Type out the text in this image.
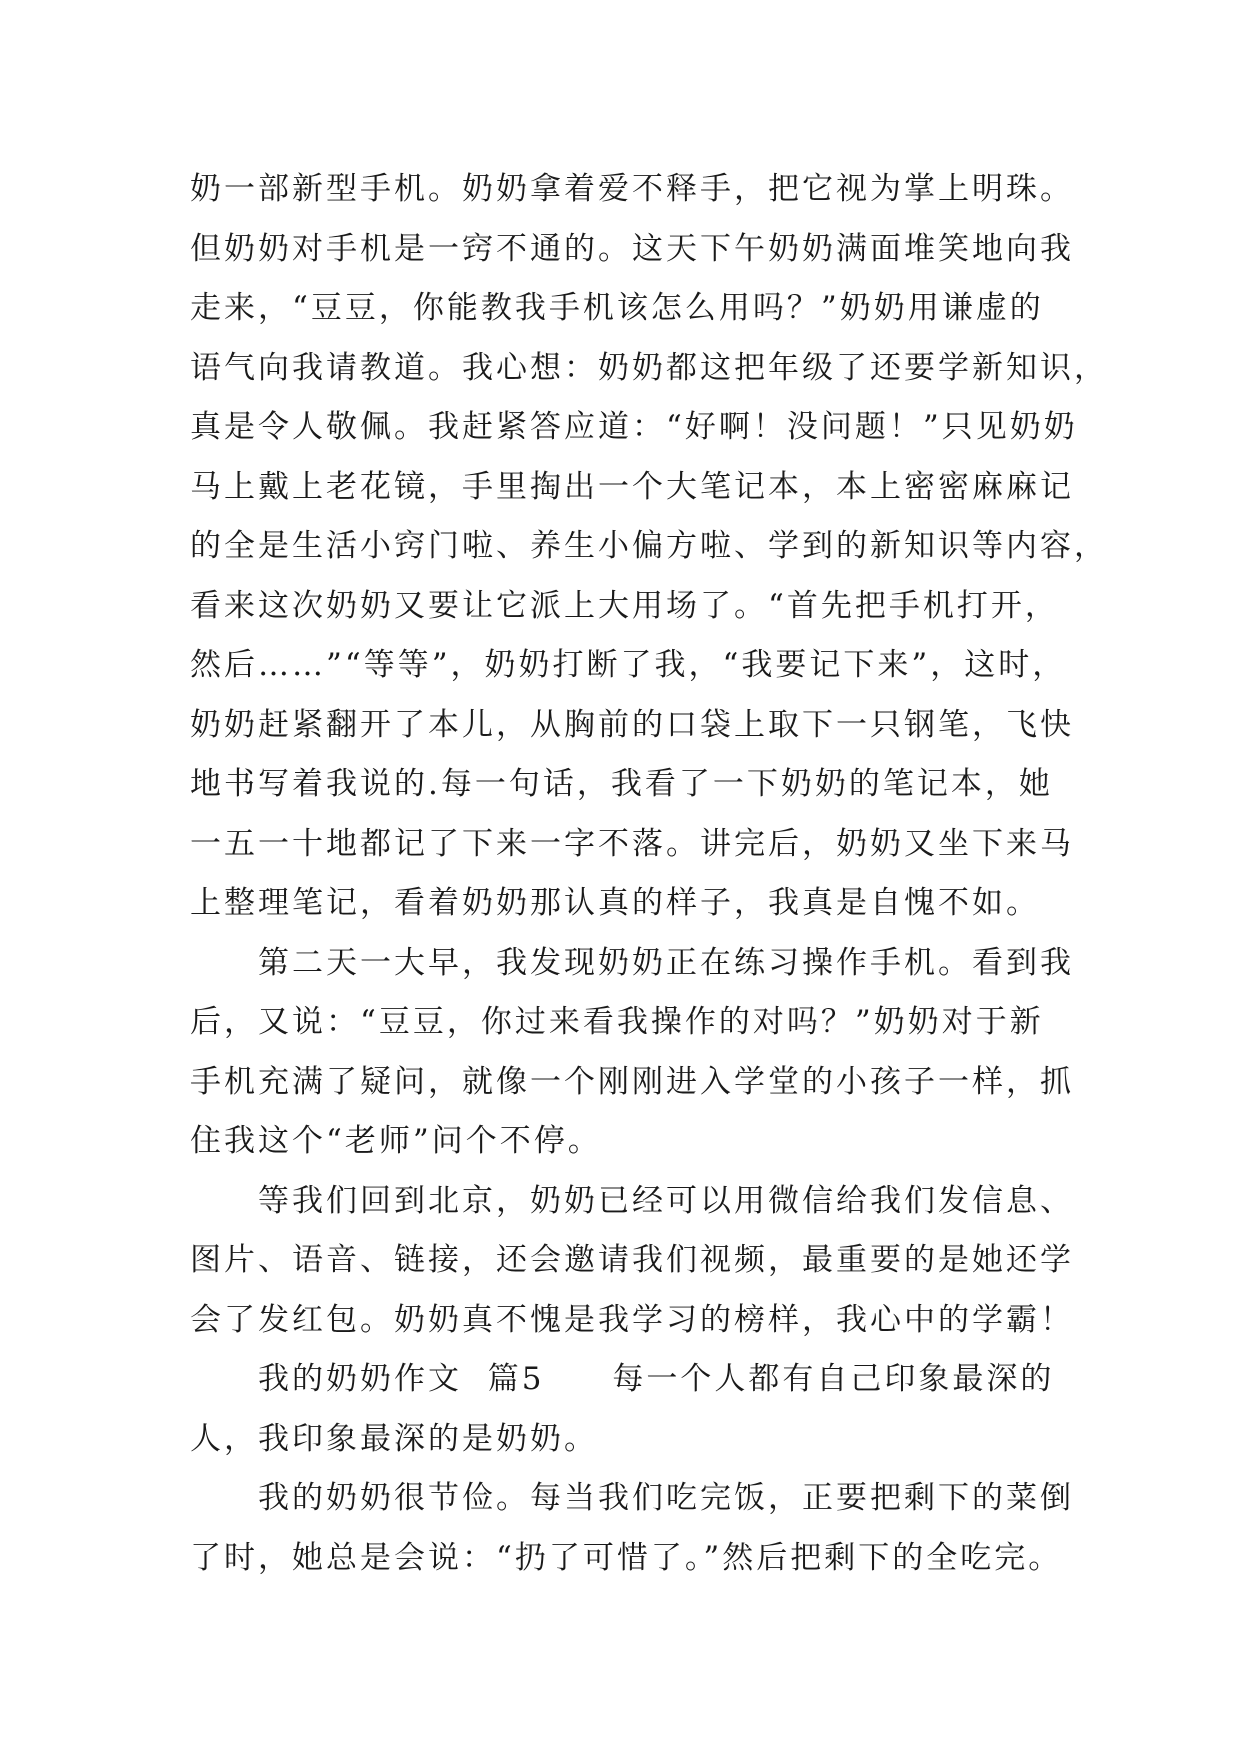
奶一部新型手机。奶奶拿着爱不释手，把它视为掌上明珠。
但奶奶对手机是一窍不通的。这天下午奶奶满面堆笑地向我
走来，“豆豆，你能教我手机该怎么用吗？”奶奶用谦虚的
语气向我请教道。我心想：奶奶都这把年级了还要学新知识，
真是令人敬佩。我赶紧答应道：“好啊！没问题！”只见奶奶
马上戴上老花镜，手里掏出一个大笔记本，本上密密麻麻记
的全是生活小窍门啦、养生小偏方啦、学到的新知识等内容，
看来这次奶奶又要让它派上大用场了。“首先把手机打开，
然后……”“等等”，奶奶打断了我，“我要记下来”，这时，
奶奶赶紧翻开了本儿，从胸前的口袋上取下一只钢笔，飞快
地书写着我说的.每一句话，我看了一下奶奶的笔记本，她
一五一十地都记了下来一字不落。讲完后，奶奶又坐下来马
上整理笔记，看着奶奶那认真的样子，我真是自愧不如。
　　第二天一大早，我发现奶奶正在练习操作手机。看到我
后，又说：“豆豆，你过来看我操作的对吗？”奶奶对于新
手机充满了疑问，就像一个刚刚进入学堂的小孩子一样，抓
住我这个“老师”问个不停。
　　等我们回到北京，奶奶已经可以用微信给我们发信息、
图片、语音、链接，还会邀请我们视频，最重要的是她还学
会了发红包。奶奶真不愧是我学习的榜样，我心中的学霸！
　　我的奶奶作文  篇5　　每一个人都有自己印象最深的
人，我印象最深的是奶奶。
　　我的奶奶很节俭。每当我们吃完饭，正要把剩下的菜倒
了时，她总是会说：“扔了可惜了。”然后把剩下的全吃完。
